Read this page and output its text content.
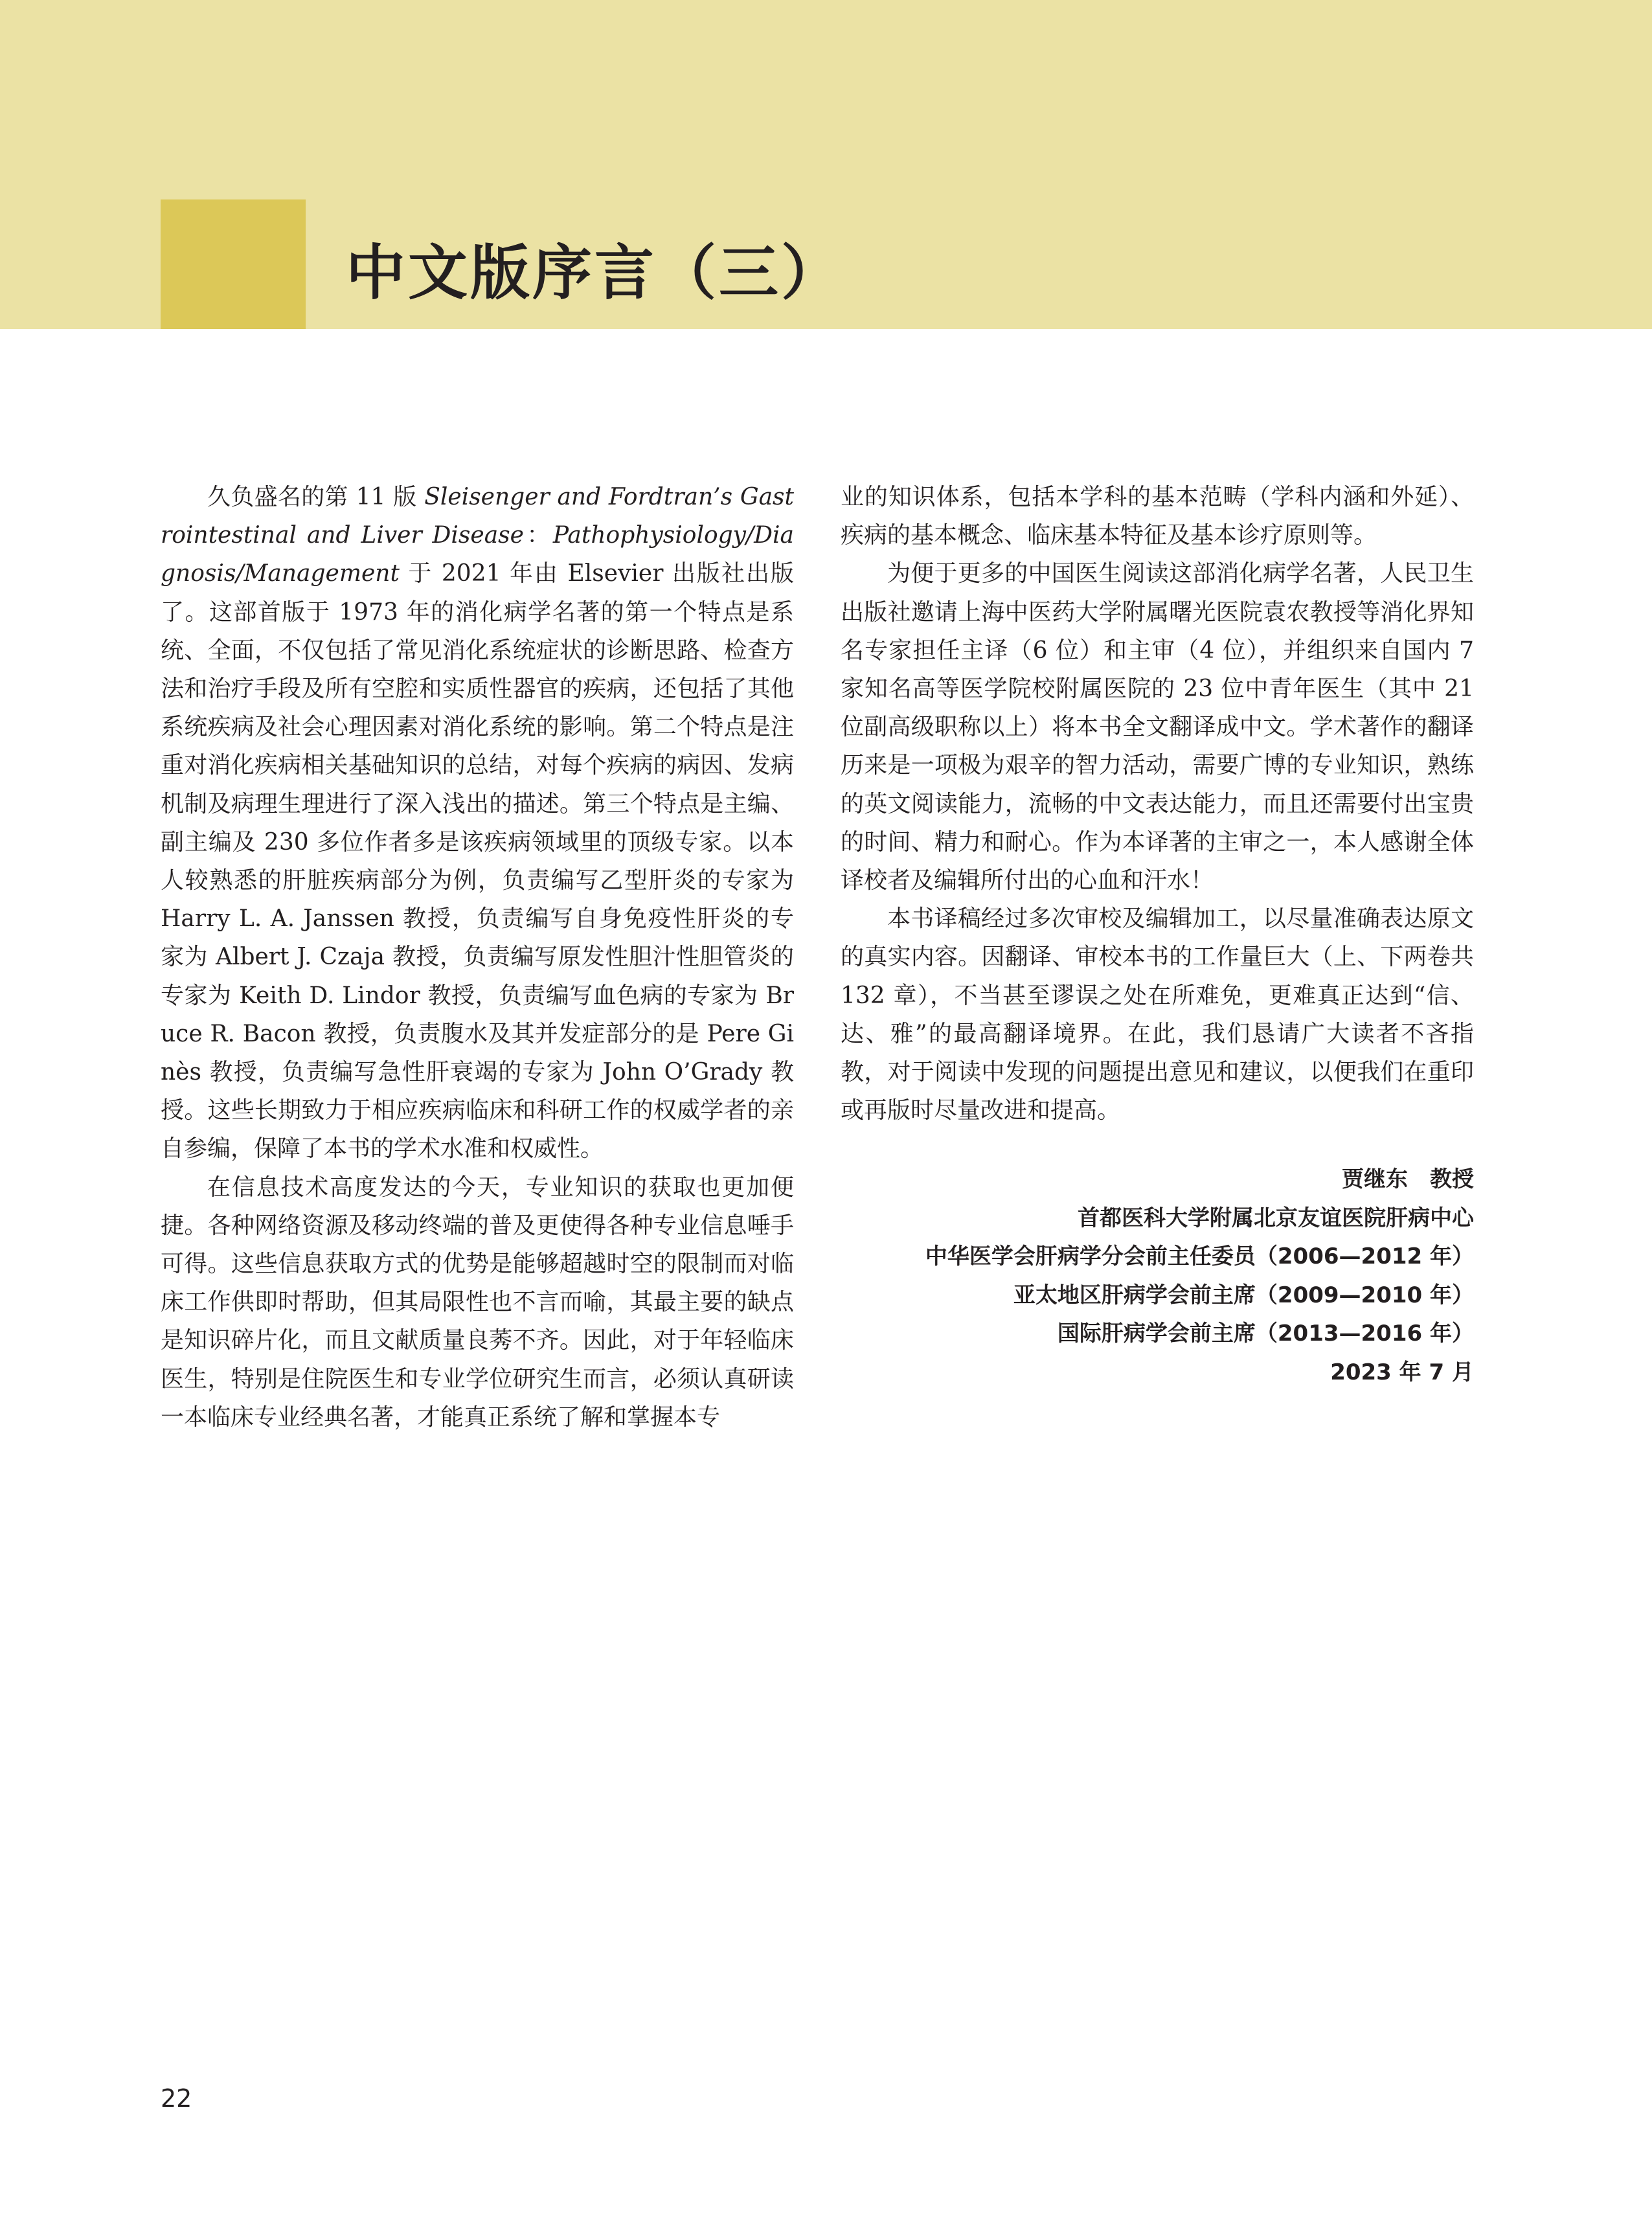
中文版序言（三）

久负盛名的第 11 版 Sleisenger and Fordtran’s Gastrointestinal and Liver Disease：Pathophysiology/Diagnosis/Management 于 2021 年由 Elsevier 出版社出版了。这部首版于 1973 年的消化病学名著的第一个特点是系统、全面，不仅包括了常见消化系统症状的诊断思路、检查方法和治疗手段及所有空腔和实质性器官的疾病，还包括了其他系统疾病及社会心理因素对消化系统的影响。第二个特点是注重对消化疾病相关基础知识的总结，对每个疾病的病因、发病机制及病理生理进行了深入浅出的描述。第三个特点是主编、副主编及 230 多位作者多是该疾病领域里的顶级专家。以本人较熟悉的肝脏疾病部分为例，负责编写乙型肝炎的专家为 Harry L. A. Janssen 教授，负责编写自身免疫性肝炎的专家为 Albert J. Czaja 教授，负责编写原发性胆汁性胆管炎的专家为 Keith D. Lindor 教授，负责编写血色病的专家为 Bruce R. Bacon 教授，负责腹水及其并发症部分的是 Pere Ginès 教授，负责编写急性肝衰竭的专家为 John O’Grady 教授。这些长期致力于相应疾病临床和科研工作的权威学者的亲自参编，保障了本书的学术水准和权威性。

在信息技术高度发达的今天，专业知识的获取也更加便捷。各种网络资源及移动终端的普及更使得各种专业信息唾手可得。这些信息获取方式的优势是能够超越时空的限制而对临床工作供即时帮助，但其局限性也不言而喻，其最主要的缺点是知识碎片化，而且文献质量良莠不齐。因此，对于年轻临床医生，特别是住院医生和专业学位研究生而言，必须认真研读一本临床专业经典名著，才能真正系统了解和掌握本专

业的知识体系，包括本学科的基本范畴（学科内涵和外延）、疾病的基本概念、临床基本特征及基本诊疗原则等。

为便于更多的中国医生阅读这部消化病学名著，人民卫生出版社邀请上海中医药大学附属曙光医院袁农教授等消化界知名专家担任主译（6 位）和主审（4 位），并组织来自国内 7 家知名高等医学院校附属医院的 23 位中青年医生（其中 21 位副高级职称以上）将本书全文翻译成中文。学术著作的翻译历来是一项极为艰辛的智力活动，需要广博的专业知识，熟练的英文阅读能力，流畅的中文表达能力，而且还需要付出宝贵的时间、精力和耐心。作为本译著的主审之一，本人感谢全体译校者及编辑所付出的心血和汗水！

本书译稿经过多次审校及编辑加工，以尽量准确表达原文的真实内容。因翻译、审校本书的工作量巨大（上、下两卷共 132 章），不当甚至谬误之处在所难免，更难真正达到“信、达、雅”的最高翻译境界。在此，我们恳请广大读者不吝指教，对于阅读中发现的问题提出意见和建议，以便我们在重印或再版时尽量改进和提高。

贾继东　教授
首都医科大学附属北京友谊医院肝病中心
中华医学会肝病学分会前主任委员（2006—2012 年）
亚太地区肝病学会前主席（2009—2010 年）
国际肝病学会前主席（2013—2016 年）
2023 年 7 月
22
